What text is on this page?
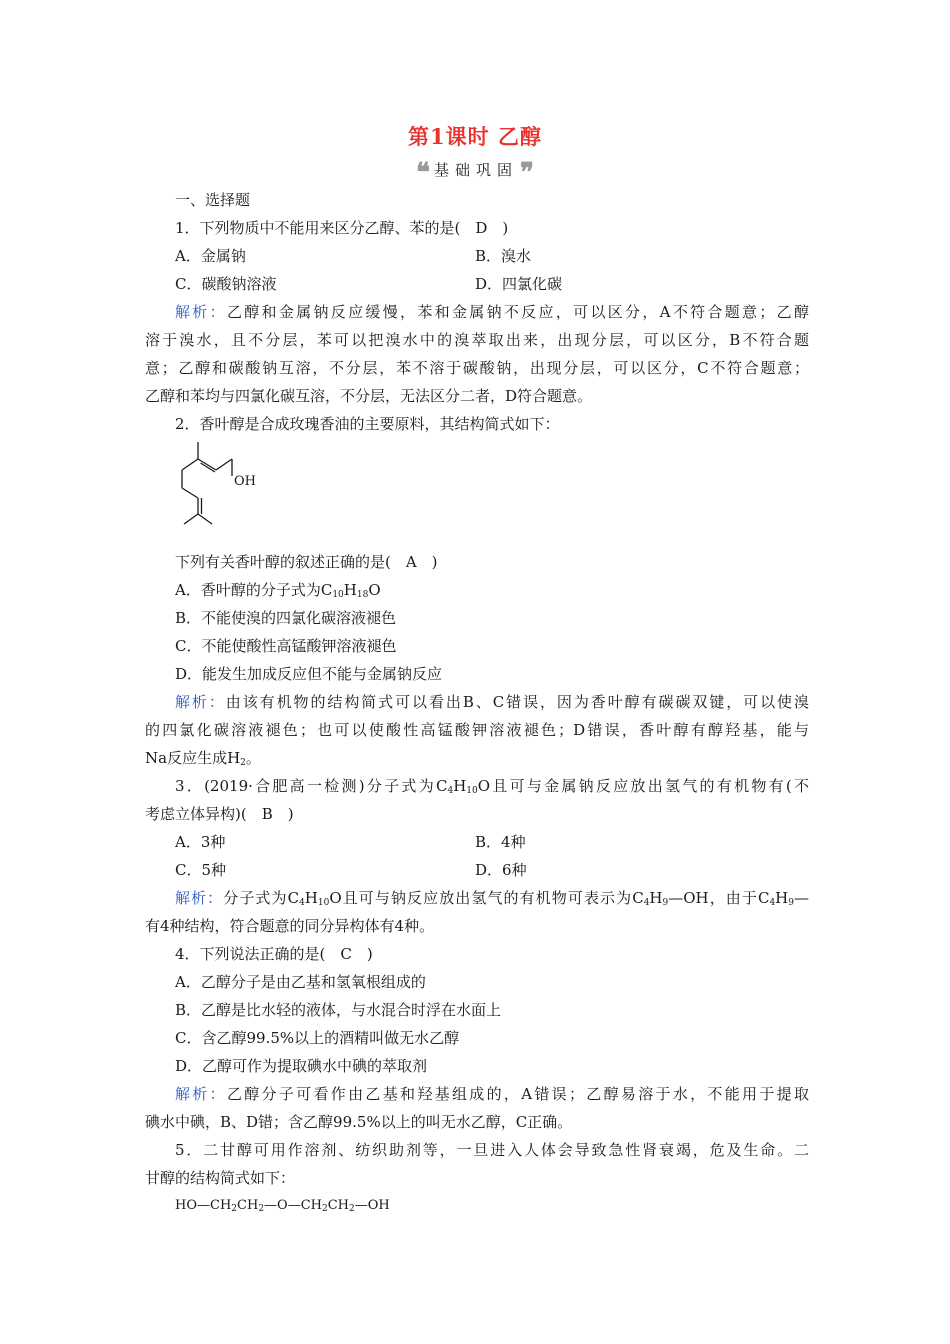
第1课时 乙醇
❝ 基础巩固❞
一、选择题
1．下列物质中不能用来区分乙醇、苯的是(　D　)
A．金属钠	B．溴水
C．碳酸钠溶液	D．四氯化碳
解析：乙醇和金属钠反应缓慢，苯和金属钠不反应，可以区分，A不符合题意；乙醇
溶于溴水，且不分层，苯可以把溴水中的溴萃取出来，出现分层，可以区分，B不符合题
意；乙醇和碳酸钠互溶，不分层，苯不溶于碳酸钠，出现分层，可以区分，C不符合题意；
乙醇和苯均与四氯化碳互溶，不分层，无法区分二者，D符合题意。
2．香叶醇是合成玫瑰香油的主要原料，其结构简式如下：
下列有关香叶醇的叙述正确的是(　A　)
A．香叶醇的分子式为$C_{10}H_{18}O$
B．不能使溴的四氯化碳溶液褪色
C．不能使酸性高锰酸钾溶液褪色
D．能发生加成反应但不能与金属钠反应
解析：由该有机物的结构简式可以看出B、C错误，因为香叶醇有碳碳双键，可以使溴
的四氯化碳溶液褪色；也可以使酸性高锰酸钾溶液褪色；D错误，香叶醇有醇羟基，能与
Na反应生成$H_2$。
3．(2019·合肥高一检测)分子式为$C_4H_{10}O$且可与金属钠反应放出氢气的有机物有(不
考虑立体异构)(　B　)
A．3种	B．4种
C．5种	D．6种
解析：分子式为$C_4H_{10}O$且可与钠反应放出氢气的有机物可表示为$C_4H_9—OH$，由于$C_4H_9—$
有4种结构，符合题意的同分异构体有4种。
4．下列说法正确的是(　C　)
A．乙醇分子是由乙基和氢氧根组成的
B．乙醇是比水轻的液体，与水混合时浮在水面上
C．含乙醇99.5%以上的酒精叫做无水乙醇
D．乙醇可作为提取碘水中碘的萃取剂
解析：乙醇分子可看作由乙基和羟基组成的，A错误；乙醇易溶于水，不能用于提取
碘水中碘，B、D错；含乙醇99.5%以上的叫无水乙醇，C正确。
5．二甘醇可用作溶剂、纺织助剂等，一旦进入人体会导致急性肾衰竭，危及生命。二
甘醇的结构简式如下：
$HO—CH_2CH_2—O—CH_2CH_2—OH$
OH
